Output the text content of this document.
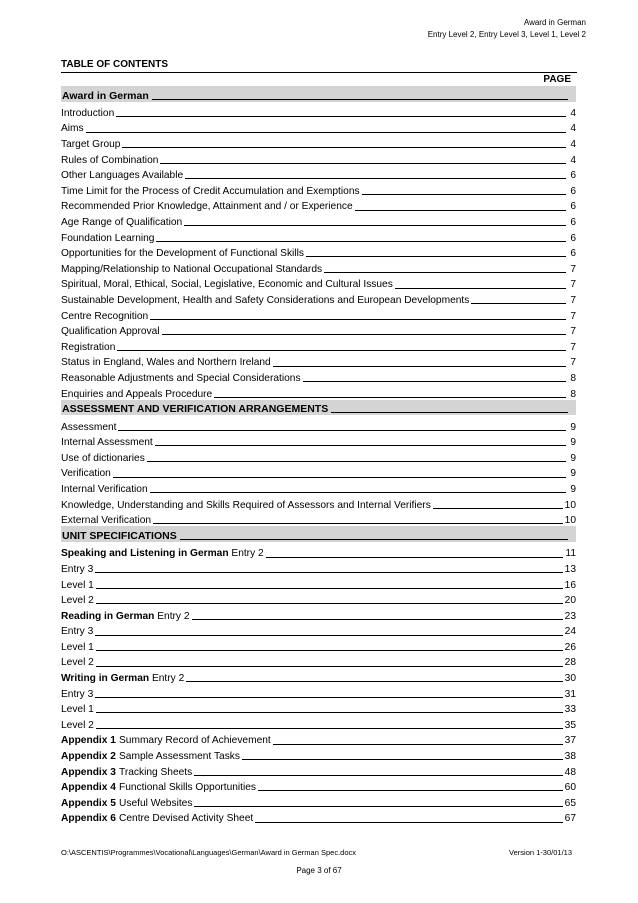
Award in German
Entry Level 2, Entry Level 3, Level 1, Level 2
TABLE OF CONTENTS
PAGE
Award in German
Introduction	4
Aims	4
Target Group	4
Rules of Combination	4
Other Languages Available	6
Time Limit for the Process of Credit Accumulation and Exemptions	6
Recommended Prior Knowledge, Attainment and / or Experience	6
Age Range of Qualification	6
Foundation Learning	6
Opportunities for the Development of Functional Skills	6
Mapping/Relationship to National Occupational Standards	7
Spiritual, Moral, Ethical, Social, Legislative, Economic and Cultural Issues	7
Sustainable Development, Health and Safety Considerations and European Developments	7
Centre Recognition	7
Qualification Approval	7
Registration	7
Status in England, Wales and Northern Ireland	7
Reasonable Adjustments and Special Considerations	8
Enquiries and Appeals Procedure	8
ASSESSMENT AND VERIFICATION ARRANGEMENTS
Assessment	9
Internal Assessment	9
Use of dictionaries	9
Verification	9
Internal Verification	9
Knowledge, Understanding and Skills Required of Assessors and Internal Verifiers	10
External Verification	10
UNIT SPECIFICATIONS
Speaking and Listening in German Entry 2	11
Entry 3	13
Level 1	16
Level 2	20
Reading in German Entry 2	23
Entry 3	24
Level 1	26
Level 2	28
Writing in German Entry 2	30
Entry 3	31
Level 1	33
Level 2	35
Appendix 1 Summary Record of Achievement	37
Appendix 2 Sample Assessment Tasks	38
Appendix 3 Tracking Sheets	48
Appendix 4 Functional Skills Opportunities	60
Appendix 5 Useful Websites	65
Appendix 6 Centre Devised Activity Sheet	67
O:\ASCENTIS\Programmes\Vocational\Languages\German\Award in German Spec.docx	Version 1-30/01/13
Page 3 of 67
